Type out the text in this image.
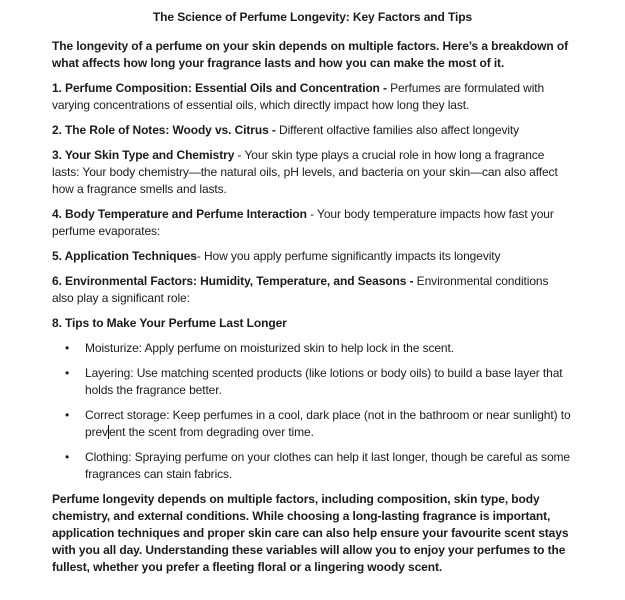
The Science of Perfume Longevity: Key Factors and Tips

The longevity of a perfume on your skin depends on multiple factors. Here’s a breakdown of what affects how long your fragrance lasts and how you can make the most of it.

1. Perfume Composition: Essential Oils and Concentration - Perfumes are formulated with varying concentrations of essential oils, which directly impact how long they last.

2. The Role of Notes: Woody vs. Citrus - Different olfactive families also affect longevity

3. Your Skin Type and Chemistry - Your skin type plays a crucial role in how long a fragrance lasts: Your body chemistry—the natural oils, pH levels, and bacteria on your skin—can also affect how a fragrance smells and lasts.

4. Body Temperature and Perfume Interaction - Your body temperature impacts how fast your perfume evaporates:

5. Application Techniques- How you apply perfume significantly impacts its longevity

6. Environmental Factors: Humidity, Temperature, and Seasons - Environmental conditions also play a significant role:

8. Tips to Make Your Perfume Last Longer
• Moisturize: Apply perfume on moisturized skin to help lock in the scent.
• Layering: Use matching scented products (like lotions or body oils) to build a base layer that holds the fragrance better.
• Correct storage: Keep perfumes in a cool, dark place (not in the bathroom or near sunlight) to prevent the scent from degrading over time.
• Clothing: Spraying perfume on your clothes can help it last longer, though be careful as some fragrances can stain fabrics.

Perfume longevity depends on multiple factors, including composition, skin type, body chemistry, and external conditions. While choosing a long-lasting fragrance is important, application techniques and proper skin care can also help ensure your favourite scent stays with you all day. Understanding these variables will allow you to enjoy your perfumes to the fullest, whether you prefer a fleeting floral or a lingering woody scent.
